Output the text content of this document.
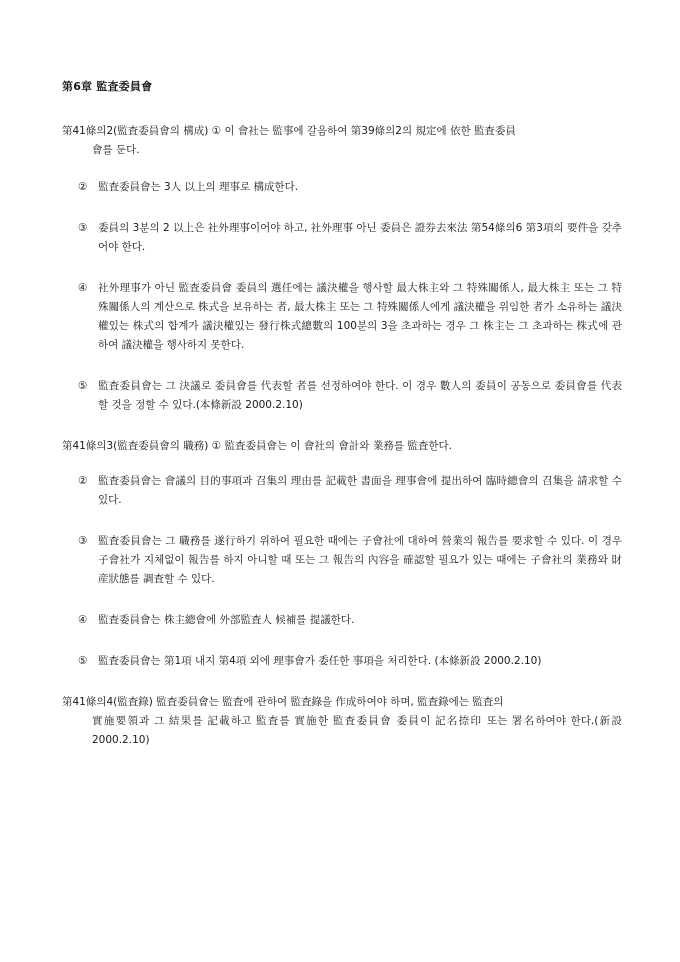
第6章 監査委員會
第41條의2(監査委員會의 構成) ① 이 會社는 監事에 갈음하여 第39條의2의 規定에 依한 監査委員
會를 둔다.
② 監査委員會는 3人 以上의 理事로 構成한다.
③ 委員의 3분의 2 以上은 社外理事이어야 하고, 社外理事 아닌 委員은 證券去來法 第54條의6 第3項의 要件을 갖추어야 한다.
④ 社外理事가 아닌 監査委員會 委員의 選任에는 議決權을 행사할 最大株主와 그 特殊關係人, 最大株主 또는 그 特殊關係人의 계산으로 株式을 보유하는 者, 最大株主 또는 그 特殊關係人에게 議決權을 위임한 者가 소유하는 議決權있는 株式의 합계가 議決權있는 發行株式總數의 100분의 3을 초과하는 경우 그 株主는 그 초과하는 株式에 관하여 議決權을 행사하지 못한다.
⑤ 監査委員會는 그 決議로 委員會를 代表할 者를 선정하여야 한다. 이 경우 數人의 委員이 공동으로 委員會를 代表할 것을 정할 수 있다.(本條新設 2000.2.10)
第41條의3(監査委員會의 職務) ① 監査委員會는 이 會社의 會計와 業務를 監査한다.
② 監査委員會는 會議의 目的事項과 召集의 理由를 記載한 書面을 理事會에 提出하여 臨時總會의 召集을 請求할 수 있다.
③ 監査委員會는 그 職務를 遂行하기 위하여 필요한 때에는 子會社에 대하여 營業의 報告를 要求할 수 있다. 이 경우 子會社가 지체없이 報告를 하지 아니할 때 또는 그 報告의 內容을 確認할 필요가 있는 때에는 子會社의 業務와 財産狀態를 調査할 수 있다.
④ 監査委員會는 株主總會에 外部監査人 候補를 提議한다.
⑤ 監査委員會는 第1項 내지 第4項 외에 理事會가 委任한 事項을 처리한다. (本條新設 2000.2.10)
第41條의4(監査錄) 監査委員會는 監査에 관하여 監査錄을 作成하여야 하며, 監査錄에는 監査의
實施要領과 그 結果를 記載하고 監査를 實施한 監査委員會 委員이 記名捺印 또는 署名하여야 한다.(新設 2000.2.10)
